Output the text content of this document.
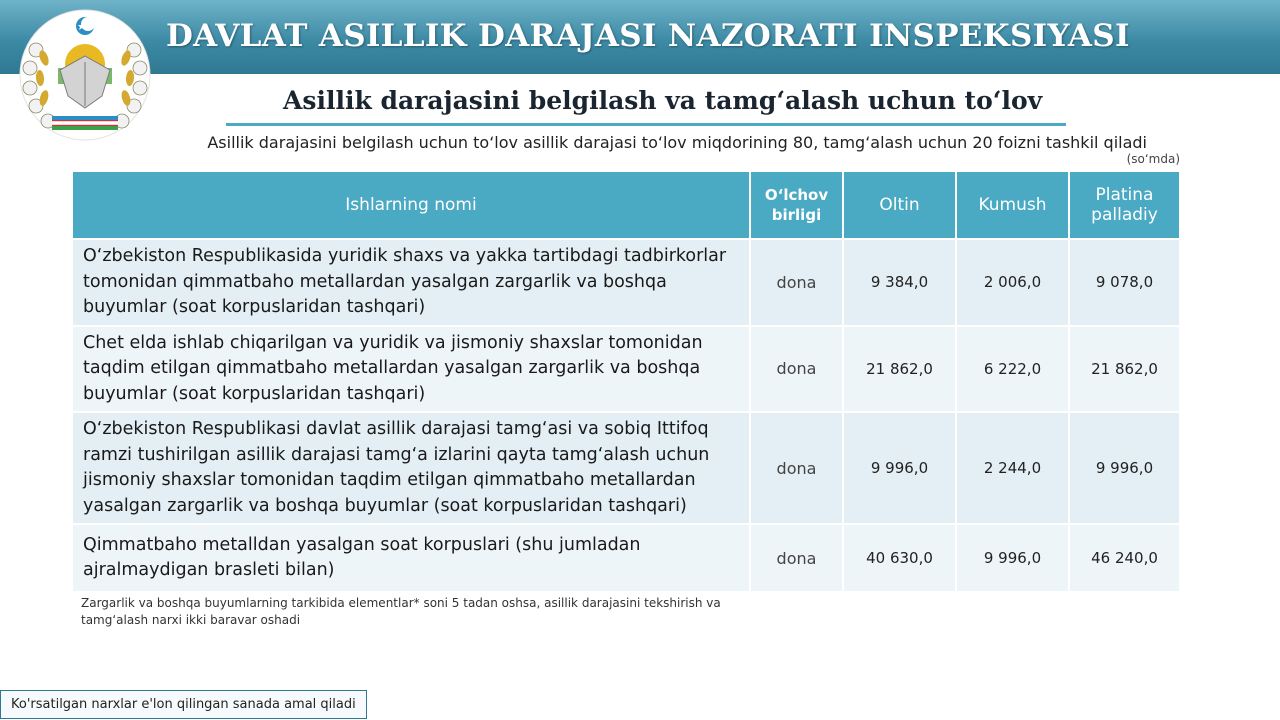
DAVLAT ASILLIK DARAJASI NAZORATI INSPEKSIYASI
Asillik darajasini belgilash va tamg‘alash uchun to‘lov
Asillik darajasini belgilash uchun to‘lov asillik darajasi to‘lov miqdorining 80, tamg‘alash uchun 20 foizni tashkil qiladi
(so‘mda)
Ishlarning nomi	O‘lchov birligi	Oltin	Kumush	Platina palladiy
O‘zbekiston Respublikasida yuridik shaxs va yakka tartibdagi tadbirkorlar tomonidan qimmatbaho metallardan yasalgan zargarlik va boshqa buyumlar (soat korpuslaridan tashqari)	dona	9 384,0	2 006,0	9 078,0
Chet elda ishlab chiqarilgan va yuridik va jismoniy shaxslar tomonidan taqdim etilgan qimmatbaho metallardan yasalgan zargarlik va boshqa buyumlar (soat korpuslaridan tashqari)	dona	21 862,0	6 222,0	21 862,0
O‘zbekiston Respublikasi davlat asillik darajasi tamg‘asi va sobiq Ittifoq ramzi tushirilgan asillik darajasi tamg‘a izlarini qayta tamg‘alash uchun jismoniy shaxslar tomonidan taqdim etilgan qimmatbaho metallardan yasalgan zargarlik va boshqa buyumlar (soat korpuslaridan tashqari)	dona	9 996,0	2 244,0	9 996,0
Qimmatbaho metalldan yasalgan soat korpuslari (shu jumladan ajralmaydigan brasleti bilan)	dona	40 630,0	9 996,0	46 240,0
Zargarlik va boshqa buyumlarning tarkibida elementlar* soni 5 tadan oshsa, asillik darajasini tekshirish va tamg‘alash narxi ikki baravar oshadi
Ko'rsatilgan narxlar e'lon qilingan sanada amal qiladi
